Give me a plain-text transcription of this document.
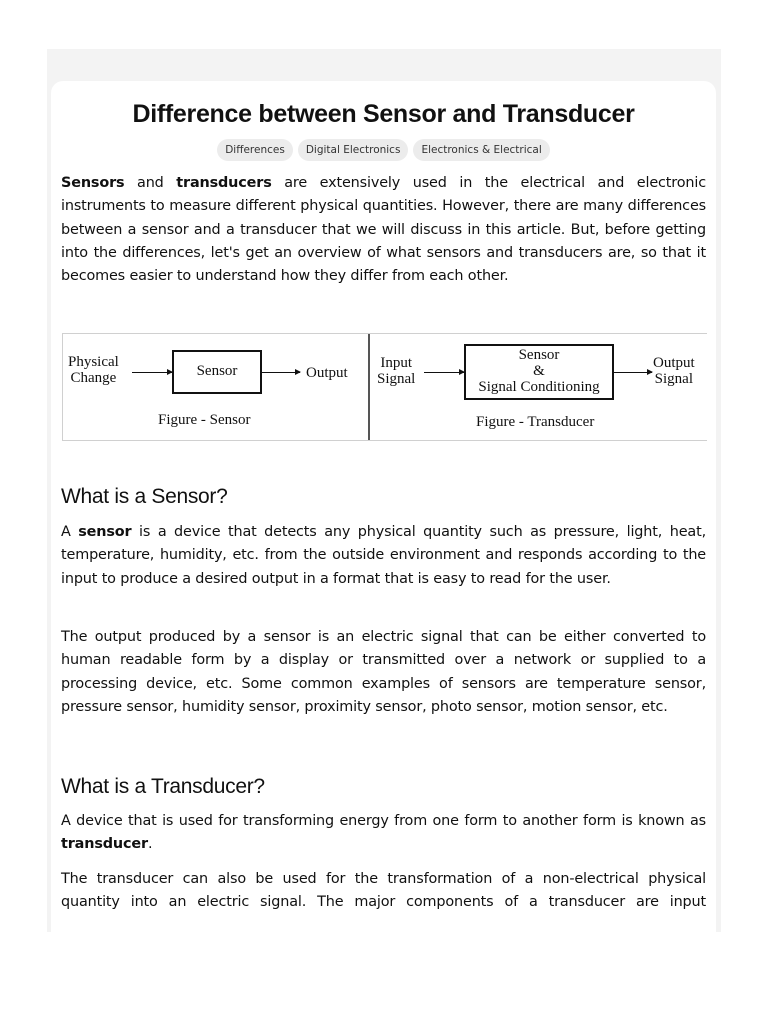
Difference between Sensor and Transducer
Differences	Digital Electronics	Electronics & Electrical

Sensors and transducers are extensively used in the electrical and electronic instruments to measure different physical quantities. However, there are many differences between a sensor and a transducer that we will discuss in this article. But, before getting into the differences, let's get an overview of what sensors and transducers are, so that it becomes easier to understand how they differ from each other.

Physical
Change	Sensor	Output
Figure - Sensor
Input
Signal
Sensor
&
Signal Conditioning
Output
Signal
Figure - Transducer
What is a Sensor?

A sensor is a device that detects any physical quantity such as pressure, light, heat, temperature, humidity, etc. from the outside environment and responds according to the input to produce a desired output in a format that is easy to read for the user.

The output produced by a sensor is an electric signal that can be either converted to human readable form by a display or transmitted over a network or supplied to a processing device, etc. Some common examples of sensors are temperature sensor, pressure sensor, humidity sensor, proximity sensor, photo sensor, motion sensor, etc.

What is a Transducer?

A device that is used for transforming energy from one form to another form is known as transducer.

The transducer can also be used for the transformation of a non-electrical physical quantity into an electric signal. The major components of a transducer are input
